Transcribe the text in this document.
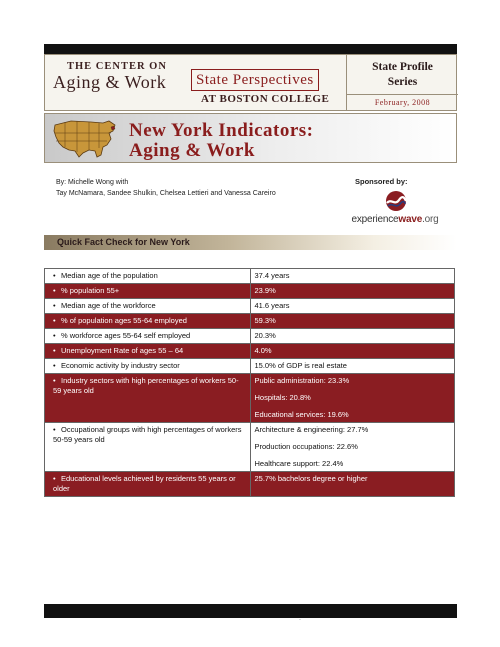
THE CENTER ON
Aging & Work	State Perspectives
AT BOSTON COLLEGE
State Profile
Series
February, 2008
New York Indicators:
Aging & Work
By: Michelle Wong with
Tay McNamara, Sandee Shulkin, Chelsea Lettieri and Vanessa Careiro
Sponsored by:
experiencewave.org
Quick Fact Check for New York
• Median age of the population	37.4 years

• % population 55+	23.9%

• Median age of the workforce	41.6 years

• % of population ages 55-64 employed	59.3%

• % workforce ages 55-64 self employed	20.3%

• Unemployment Rate of ages 55 – 64	4.0%

• Economic activity by industry sector	15.0% of GDP is real estate

• Industry sectors with high percentages of workers 50-59 years old	Public administration: 23.3%
Hospitals: 20.8%
Educational services: 19.6%

• Occupational groups with high percentages of workers 50-59 years old	Architecture & engineering: 27.7%
Production occupations: 22.6%
Healthcare support: 22.4%

• Educational levels achieved by residents 55 years or older	25.7% bachelors degree or higher
·
